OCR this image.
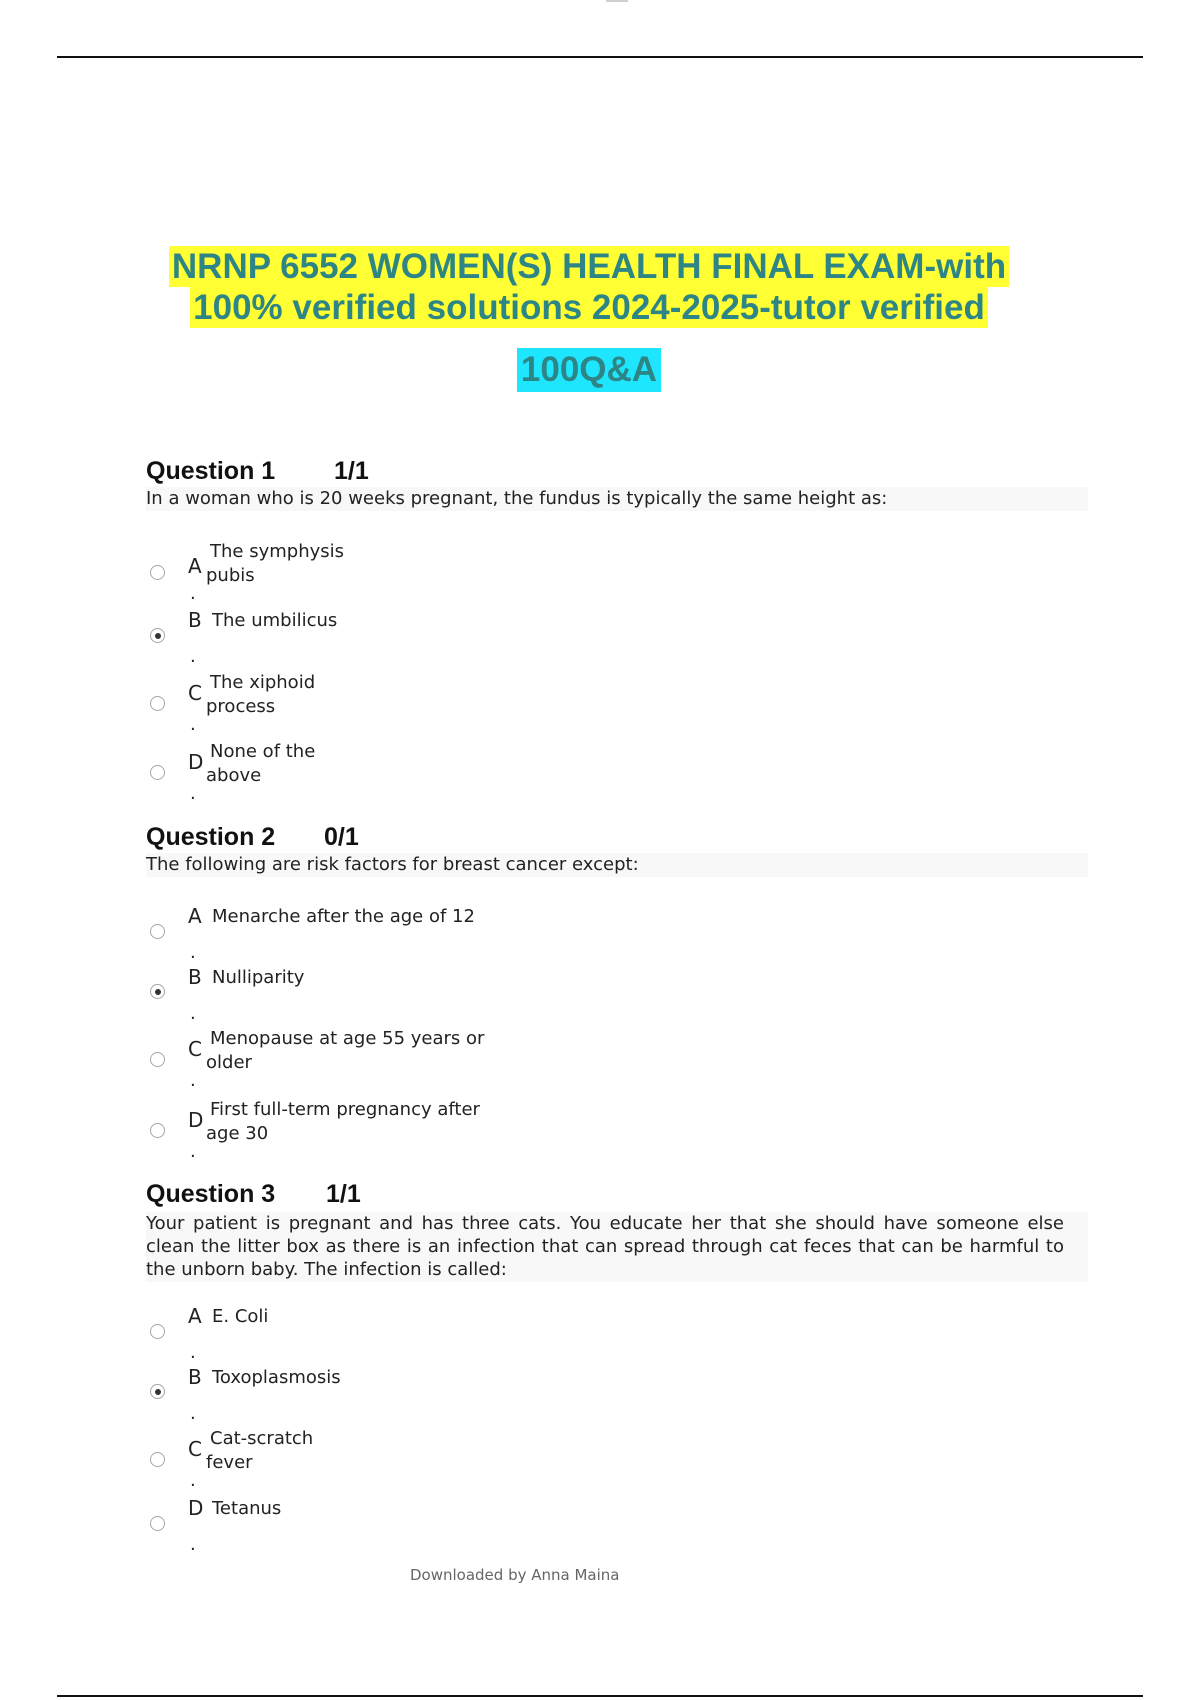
NRNP 6552 WOMEN(S) HEALTH FINAL EXAM-with
100% verified solutions 2024-2025-tutor verified
100Q&A
Question 1 1/1
In a woman who is 20 weeks pregnant, the fundus is typically the same height as:
A
The symphysis
pubis
.
B The umbilicus
.
C The xiphoid
process
.
D None of the
above
.
Question 2 0/1
The following are risk factors for breast cancer except:
A Menarche after the age of 12
.
B Nulliparity
.
C Menopause at age 55 years or
older
.
D First full-term pregnancy after
age 30
.
Question 3 1/1
Your patient is pregnant and has three cats. You educate her that she should have someone else clean the litter box as there is an infection that can spread through cat feces that can be harmful to the unborn baby. The infection is called:
A E. Coli
.
B Toxoplasmosis
.
C Cat-scratch
fever
.
D Tetanus
.
Downloaded by Anna Maina
